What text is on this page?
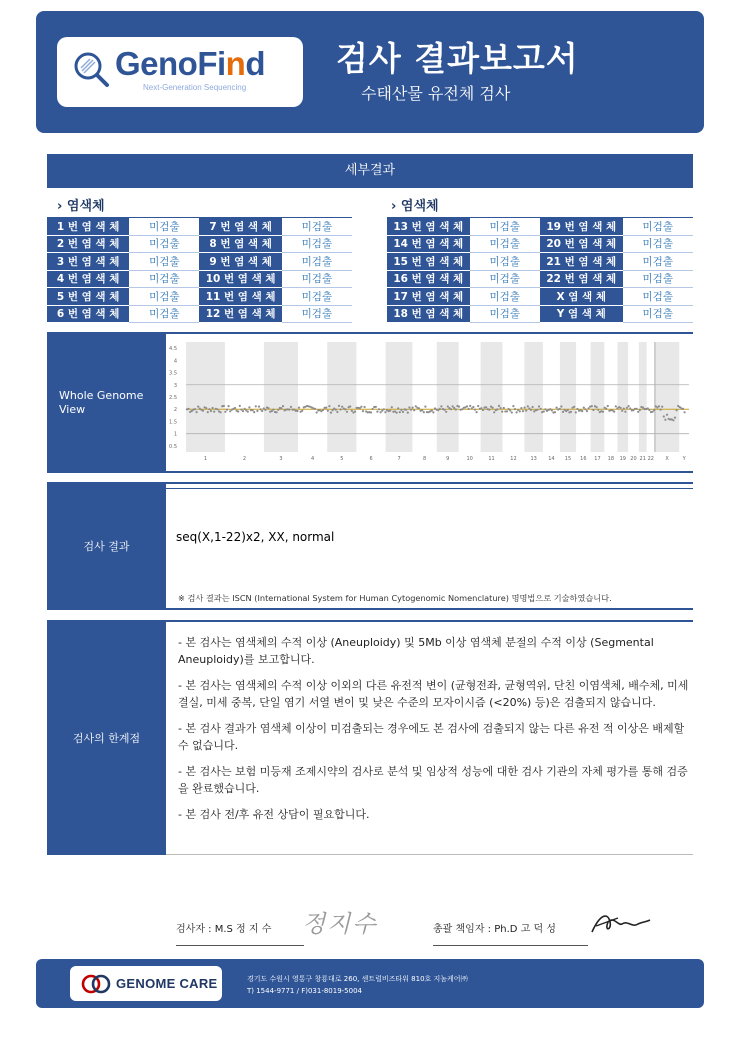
GenoFind
Next-Generation Sequencing
검사 결과보고서
수태산물 유전체 검사
세부결과
› 염색체	› 염색체
1 번 염 색 체	미검출	7 번 염 색 체	미검출
2 번 염 색 체	미검출	8 번 염 색 체	미검출
3 번 염 색 체	미검출	9 번 염 색 체	미검출
4 번 염 색 체	미검출	10 번 염 색 체	미검출
5 번 염 색 체	미검출	11 번 염 색 체	미검출
6 번 염 색 체	미검출	12 번 염 색 체	미검출
13 번 염 색 체	미검출	19 번 염 색 체	미검출
14 번 염 색 체	미검출	20 번 염 색 체	미검출
15 번 염 색 체	미검출	21 번 염 색 체	미검출
16 번 염 색 체	미검출	22 번 염 색 체	미검출
17 번 염 색 체	미검출	X 염 색 체	미검출
18 번 염 색 체	미검출	Y 염 색 체	미검출
Whole Genome View
4.5
4
3.5
3
2.5
2
1.5
1
0.5
1	2	3	4	5	6	7	8	9	10	11	12	13 14 15 16 17 18 19 20 21 22 X	Y
검사 결과
seq(X,1-22)x2, XX, normal
※ 검사 결과는 ISCN (International System for Human Cytogenomic Nomenclature) 명명법으로 기술하였습니다.
검사의 한계점
- 본 검사는 염색체의 수적 이상 (Aneuploidy) 및 5Mb 이상 염색체 분절의 수적 이상 (Segmental Aneuploidy)를 보고합니다.
- 본 검사는 염색체의 수적 이상 이외의 다른 유전적 변이 (균형전좌, 균형역위, 단친 이염색체, 배수체, 미세 결실, 미세 중복, 단일 염기 서열 변이 및 낮은 수준의 모자이시즘 (<20%) 등)은 검출되지 않습니다.
- 본 검사 결과가 염색체 이상이 미검출되는 경우에도 본 검사에 검출되지 않는 다른 유전 적 이상은 배제할 수 없습니다.
- 본 검사는 보험 미등재 조제시약의 검사로 분석 및 임상적 성능에 대한 검사 기관의 자체 평가를 통해 검증을 완료했습니다.
- 본 검사 전/후 유전 상담이 필요합니다.
검사자 : M.S 정 지 수 정지수	총괄 책임자 : Ph.D 고 덕 성
GENOME CARE	경기도 수원시 영통구 창룡대로 260, 센트럴비즈타워 810호 지놈케어㈜
T) 1544-9771 / F)031-8019-5004
